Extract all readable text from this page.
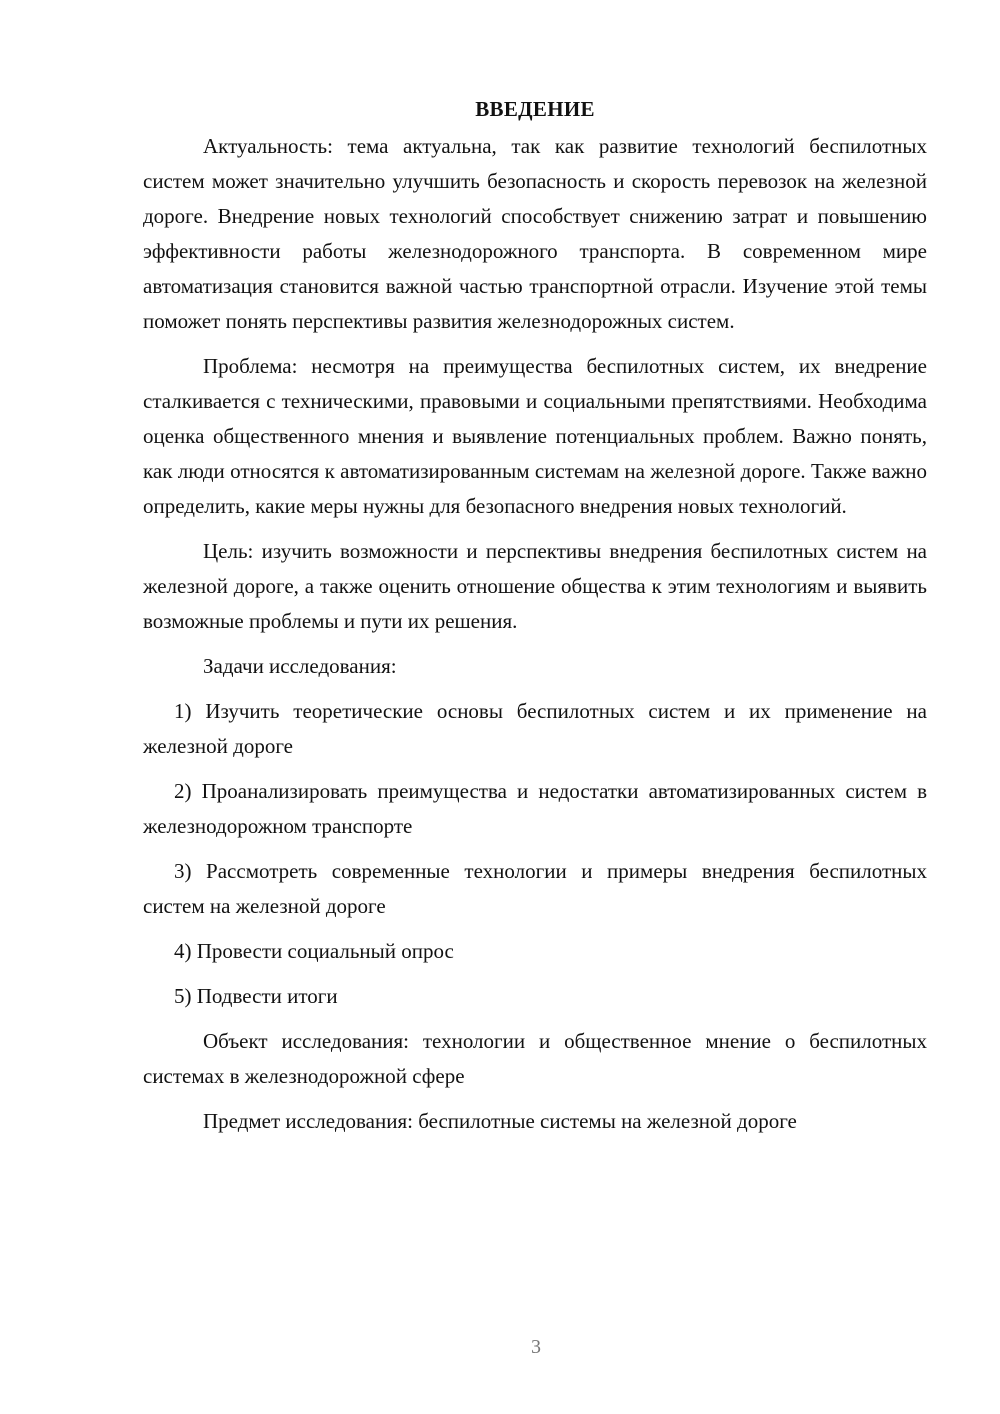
ВВЕДЕНИЕ

Актуальность: тема актуальна, так как развитие технологий беспилотных систем может значительно улучшить безопасность и скорость перевозок на железной дороге. Внедрение новых технологий способствует снижению затрат и повышению эффективности работы железнодорожного транспорта. В современном мире автоматизация становится важной частью транспортной отрасли. Изучение этой темы поможет понять перспективы развития железнодорожных систем.

Проблема: несмотря на преимущества беспилотных систем, их внедрение сталкивается с техническими, правовыми и социальными препятствиями. Необходима оценка общественного мнения и выявление потенциальных проблем. Важно понять, как люди относятся к автоматизированным системам на железной дороге. Также важно определить, какие меры нужны для безопасного внедрения новых технологий.

Цель: изучить возможности и перспективы внедрения беспилотных систем на железной дороге, а также оценить отношение общества к этим технологиям и выявить возможные проблемы и пути их решения.

Задачи исследования:

1) Изучить теоретические основы беспилотных систем и их применение на железной дороге

2) Проанализировать преимущества и недостатки автоматизированных систем в железнодорожном транспорте

3) Рассмотреть современные технологии и примеры внедрения беспилотных систем на железной дороге

4) Провести социальный опрос

5) Подвести итоги

Объект исследования: технологии и общественное мнение о беспилотных системах в железнодорожной сфере

Предмет исследования: беспилотные системы на железной дороге

3
